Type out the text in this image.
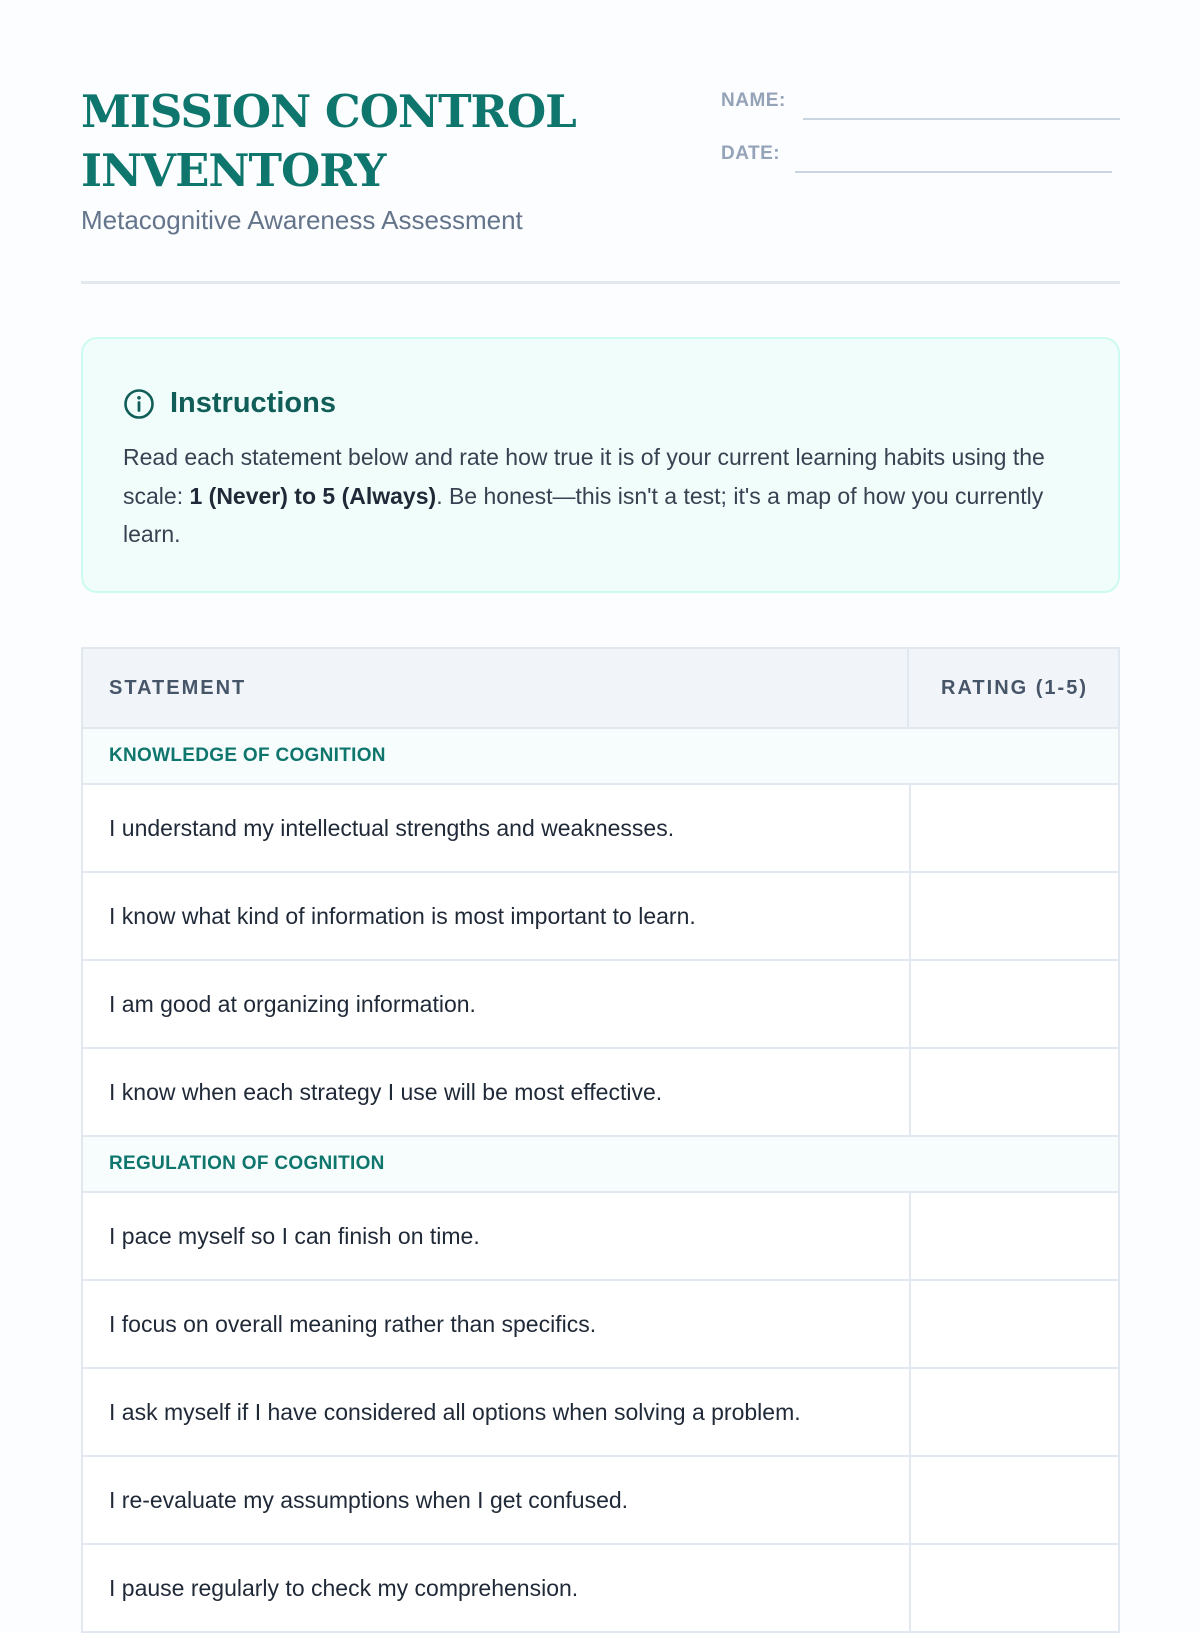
MISSION CONTROL INVENTORY
Metacognitive Awareness Assessment
NAME:
DATE:
Instructions

Read each statement below and rate how true it is of your current learning habits using the scale: 1 (Never) to 5 (Always). Be honest—this isn't a test; it's a map of how you currently learn.

STATEMENT	RATING (1-5)
KNOWLEDGE OF COGNITION
I understand my intellectual strengths and weaknesses.
I know what kind of information is most important to learn.
I am good at organizing information.
I know when each strategy I use will be most effective.
REGULATION OF COGNITION
I pace myself so I can finish on time.
I focus on overall meaning rather than specifics.
I ask myself if I have considered all options when solving a problem.
I re-evaluate my assumptions when I get confused.
I pause regularly to check my comprehension.
